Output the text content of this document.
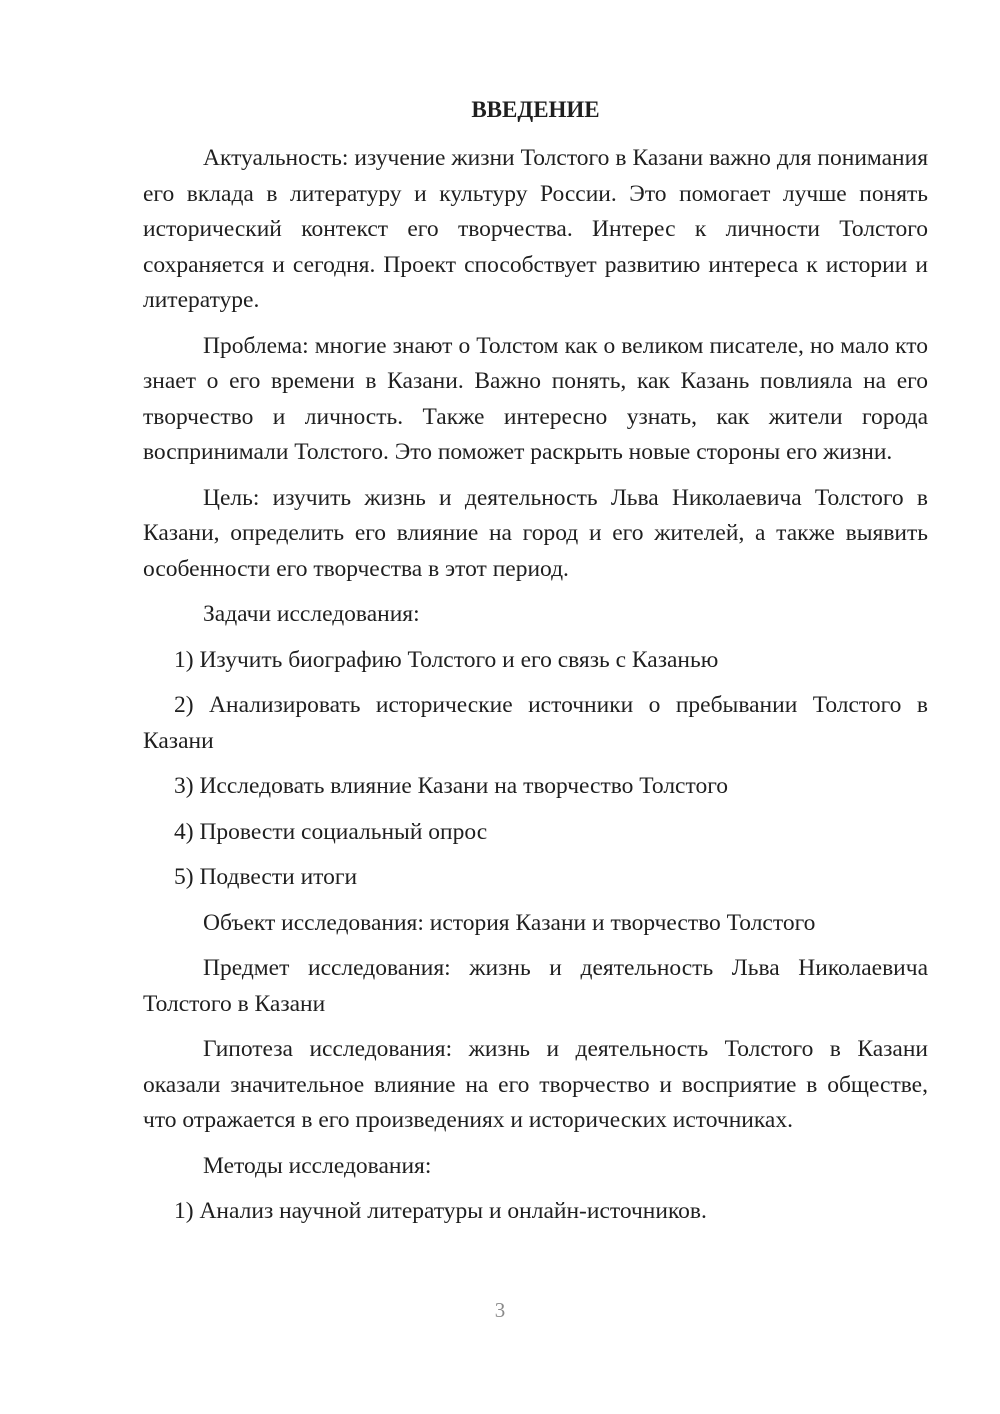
ВВЕДЕНИЕ

Актуальность: изучение жизни Толстого в Казани важно для понимания его вклада в литературу и культуру России. Это помогает лучше понять исторический контекст его творчества. Интерес к личности Толстого сохраняется и сегодня. Проект способствует развитию интереса к истории и литературе.

Проблема: многие знают о Толстом как о великом писателе, но мало кто знает о его времени в Казани. Важно понять, как Казань повлияла на его творчество и личность. Также интересно узнать, как жители города воспринимали Толстого. Это поможет раскрыть новые стороны его жизни.

Цель: изучить жизнь и деятельность Льва Николаевича Толстого в Казани, определить его влияние на город и его жителей, а также выявить особенности его творчества в этот период.

Задачи исследования:

1) Изучить биографию Толстого и его связь с Казанью

2) Анализировать исторические источники о пребывании Толстого в Казани

3) Исследовать влияние Казани на творчество Толстого

4) Провести социальный опрос

5) Подвести итоги

Объект исследования: история Казани и творчество Толстого

Предмет исследования: жизнь и деятельность Льва Николаевича Толстого в Казани

Гипотеза исследования: жизнь и деятельность Толстого в Казани оказали значительное влияние на его творчество и восприятие в обществе, что отражается в его произведениях и исторических источниках.

Методы исследования:

1) Анализ научной литературы и онлайн-источников.

3
